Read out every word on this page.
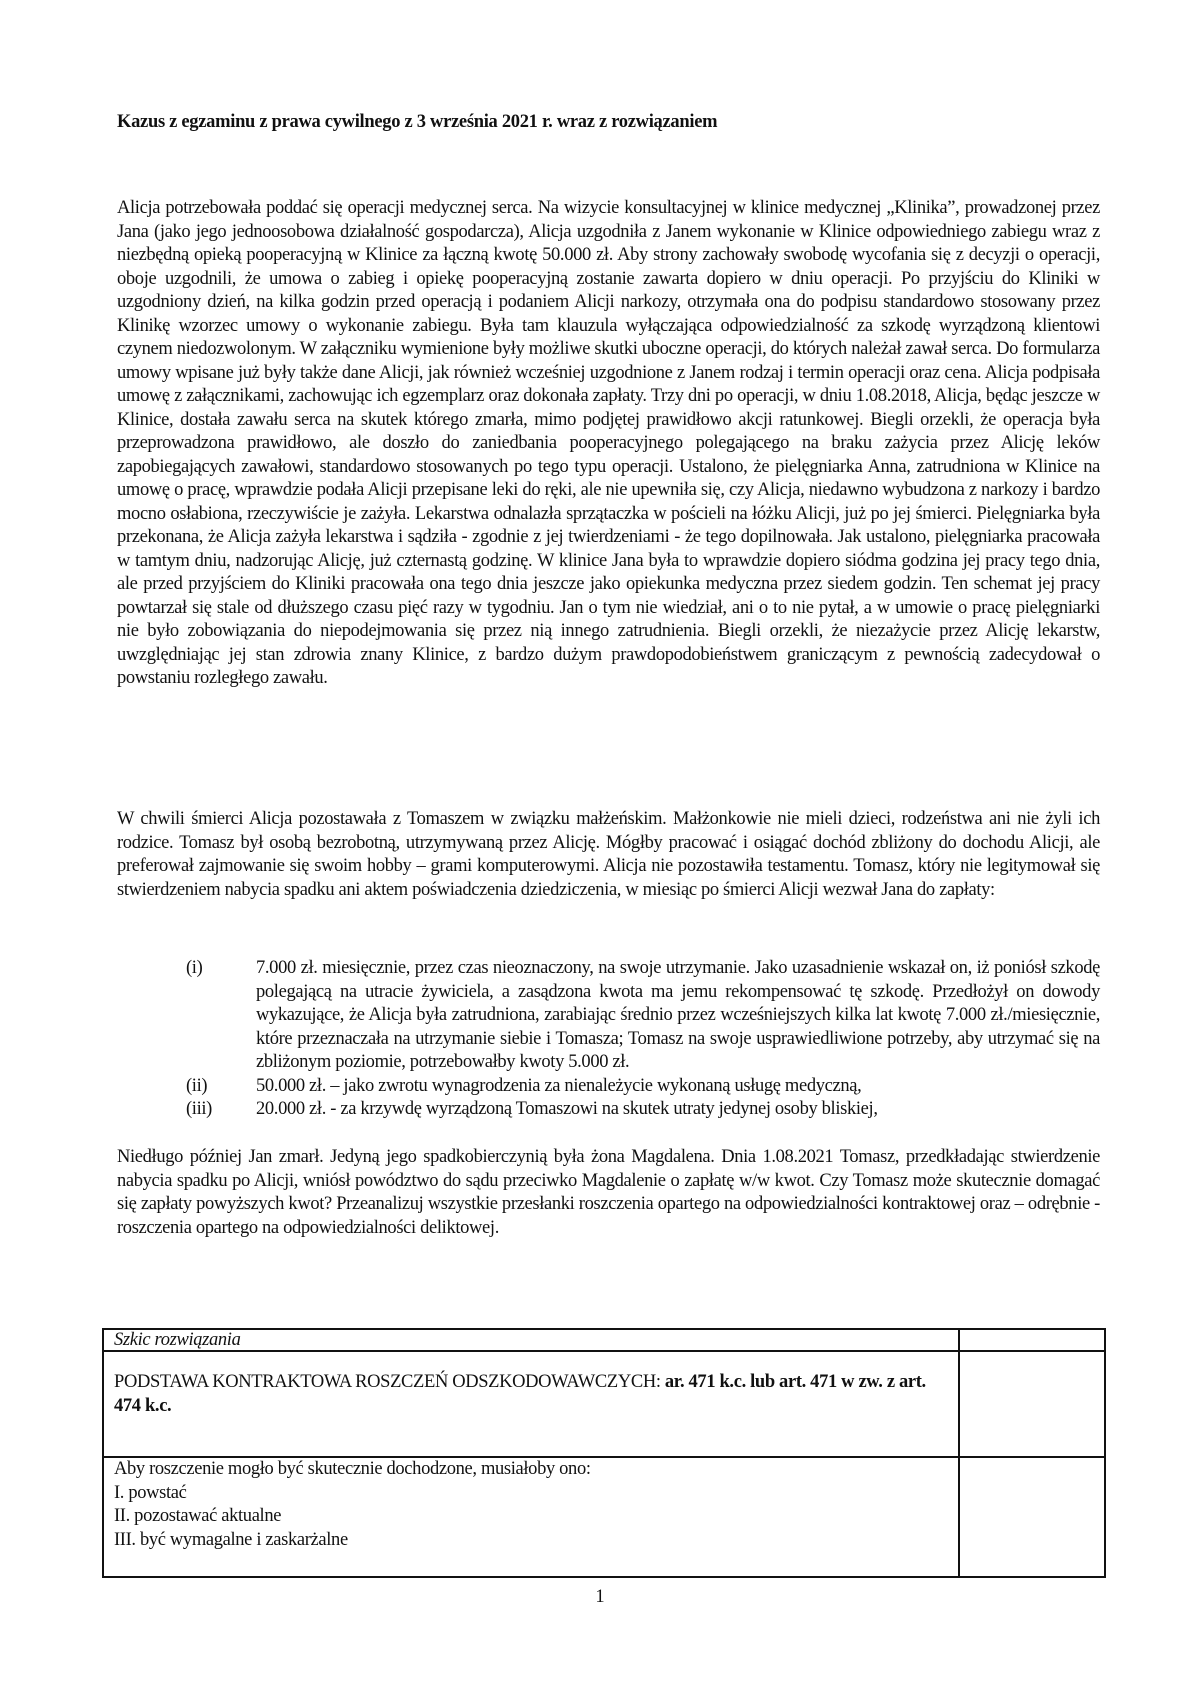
Kazus z egzaminu z prawa cywilnego z 3 września 2021 r. wraz z rozwiązaniem

Alicja potrzebowała poddać się operacji medycznej serca. Na wizycie konsultacyjnej w klinice medycznej „Klinika”, prowadzonej przez Jana (jako jego jednoosobowa działalność gospodarcza), Alicja uzgodniła z Janem wykonanie w Klinice odpowiedniego zabiegu wraz z niezbędną opieką pooperacyjną w Klinice za łączną kwotę 50.000 zł. Aby strony zachowały swobodę wycofania się z decyzji o operacji, oboje uzgodnili, że umowa o zabieg i opiekę pooperacyjną zostanie zawarta dopiero w dniu operacji. Po przyjściu do Kliniki w uzgodniony dzień, na kilka godzin przed operacją i podaniem Alicji narkozy, otrzymała ona do podpisu standardowo stosowany przez Klinikę wzorzec umowy o wykonanie zabiegu. Była tam klauzula wyłączająca odpowiedzialność za szkodę wyrządzoną klientowi czynem niedozwolonym. W załączniku wymienione były możliwe skutki uboczne operacji, do których należał zawał serca. Do formularza umowy wpisane już były także dane Alicji, jak również wcześniej uzgodnione z Janem rodzaj i termin operacji oraz cena. Alicja podpisała umowę z załącznikami, zachowując ich egzemplarz oraz dokonała zapłaty. Trzy dni po operacji, w dniu 1.08.2018, Alicja, będąc jeszcze w Klinice, dostała zawału serca na skutek którego zmarła, mimo podjętej prawidłowo akcji ratunkowej. Biegli orzekli, że operacja była przeprowadzona prawidłowo, ale doszło do zaniedbania pooperacyjnego polegającego na braku zażycia przez Alicję leków zapobiegających zawałowi, standardowo stosowanych po tego typu operacji. Ustalono, że pielęgniarka Anna, zatrudniona w Klinice na umowę o pracę, wprawdzie podała Alicji przepisane leki do ręki, ale nie upewniła się, czy Alicja, niedawno wybudzona z narkozy i bardzo mocno osłabiona, rzeczywiście je zażyła. Lekarstwa odnalazła sprzątaczka w pościeli na łóżku Alicji, już po jej śmierci. Pielęgniarka była przekonana, że Alicja zażyła lekarstwa i sądziła - zgodnie z jej twierdzeniami - że tego dopilnowała. Jak ustalono, pielęgniarka pracowała w tamtym dniu, nadzorując Alicję, już czternastą godzinę. W klinice Jana była to wprawdzie dopiero siódma godzina jej pracy tego dnia, ale przed przyjściem do Kliniki pracowała ona tego dnia jeszcze jako opiekunka medyczna przez siedem godzin. Ten schemat jej pracy powtarzał się stale od dłuższego czasu pięć razy w tygodniu. Jan o tym nie wiedział, ani o to nie pytał, a w umowie o pracę pielęgniarki nie było zobowiązania do niepodejmowania się przez nią innego zatrudnienia. Biegli orzekli, że niezażycie przez Alicję lekarstw, uwzględniając jej stan zdrowia znany Klinice, z bardzo dużym prawdopodobieństwem graniczącym z pewnością zadecydował o powstaniu rozległego zawału.

W chwili śmierci Alicja pozostawała z Tomaszem w związku małżeńskim. Małżonkowie nie mieli dzieci, rodzeństwa ani nie żyli ich rodzice. Tomasz był osobą bezrobotną, utrzymywaną przez Alicję. Mógłby pracować i osiągać dochód zbliżony do dochodu Alicji, ale preferował zajmowanie się swoim hobby – grami komputerowymi. Alicja nie pozostawiła testamentu. Tomasz, który nie legitymował się stwierdzeniem nabycia spadku ani aktem poświadczenia dziedziczenia, w miesiąc po śmierci Alicji wezwał Jana do zapłaty:

(i)	7.000 zł. miesięcznie, przez czas nieoznaczony, na swoje utrzymanie. Jako uzasadnienie wskazał on, iż poniósł szkodę polegającą na utracie żywiciela, a zasądzona kwota ma jemu rekompensować tę szkodę. Przedłożył on dowody wykazujące, że Alicja była zatrudniona, zarabiając średnio przez wcześniejszych kilka lat kwotę 7.000 zł./miesięcznie, które przeznaczała na utrzymanie siebie i Tomasza; Tomasz na swoje usprawiedliwione potrzeby, aby utrzymać się na zbliżonym poziomie, potrzebowałby kwoty 5.000 zł.
(ii)	50.000 zł. – jako zwrotu wynagrodzenia za nienależycie wykonaną usługę medyczną,
(iii)	20.000 zł. - za krzywdę wyrządzoną Tomaszowi na skutek utraty jedynej osoby bliskiej,

Niedługo później Jan zmarł. Jedyną jego spadkobierczynią była żona Magdalena. Dnia 1.08.2021 Tomasz, przedkładając stwierdzenie nabycia spadku po Alicji, wniósł powództwo do sądu przeciwko Magdalenie o zapłatę w/w kwot. Czy Tomasz może skutecznie domagać się zapłaty powyższych kwot? Przeanalizuj wszystkie przesłanki roszczenia opartego na odpowiedzialności kontraktowej oraz – odrębnie - roszczenia opartego na odpowiedzialności deliktowej.

Szkic rozwiązania	
PODSTAWA KONTRAKTOWA ROSZCZEŃ ODSZKODOWAWCZYCH: ar. 471 k.c. lub art. 471 w zw. z art. 474 k.c.	

Aby roszczenie mogło być skutecznie dochodzone, musiałoby ono:
I. powstać
II. pozostawać aktualne
III. być wymagalne i zaskarżalne	

1
